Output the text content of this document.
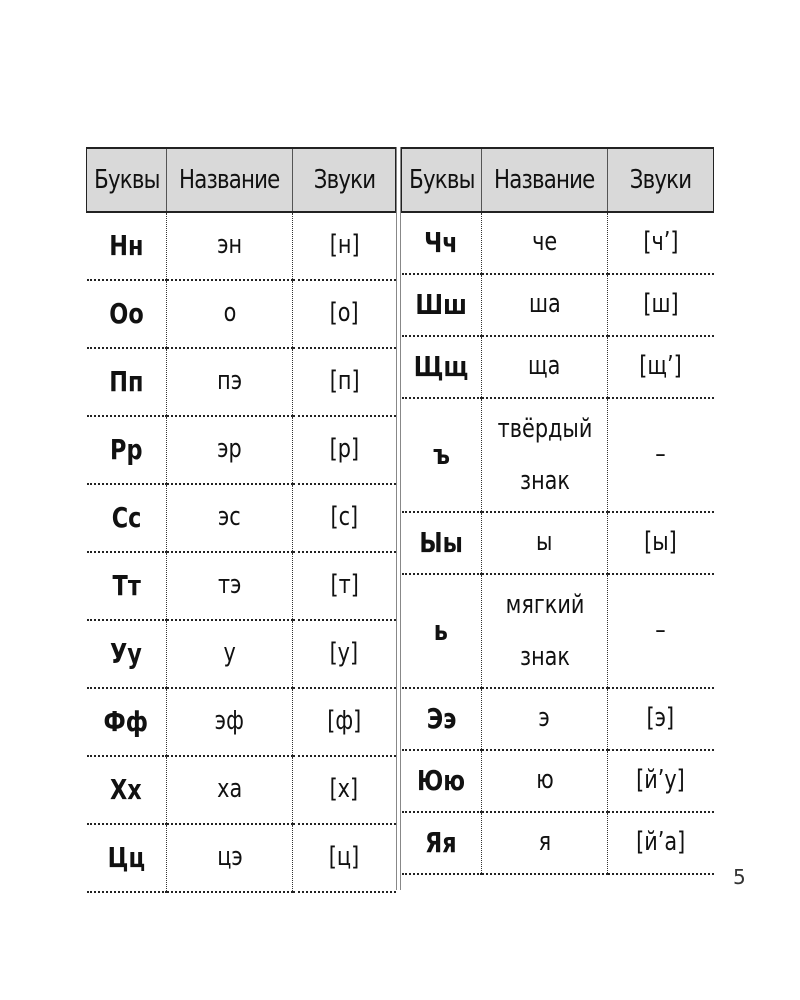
Буквы	Название	Звуки
Нн	эн	[н]
Оо	о	[о]
Пп	пэ	[п]
Рр	эр	[р]
Сс	эс	[с]
Тт	тэ	[т]
Уу	у	[у]
Фф	эф	[ф]
Хх	ха	[х]
Цц	цэ	[ц]
Буквы	Название	Звуки
Чч	че	[ч’]
Шш	ша	[ш]
Щщ	ща	[щ’]
ъ	твёрдый знак	–
Ыы	ы	[ы]
ь	мягкий знак	–
Ээ	э	[э]
Юю	ю	[й’у]
Яя	я	[й’а]
5
